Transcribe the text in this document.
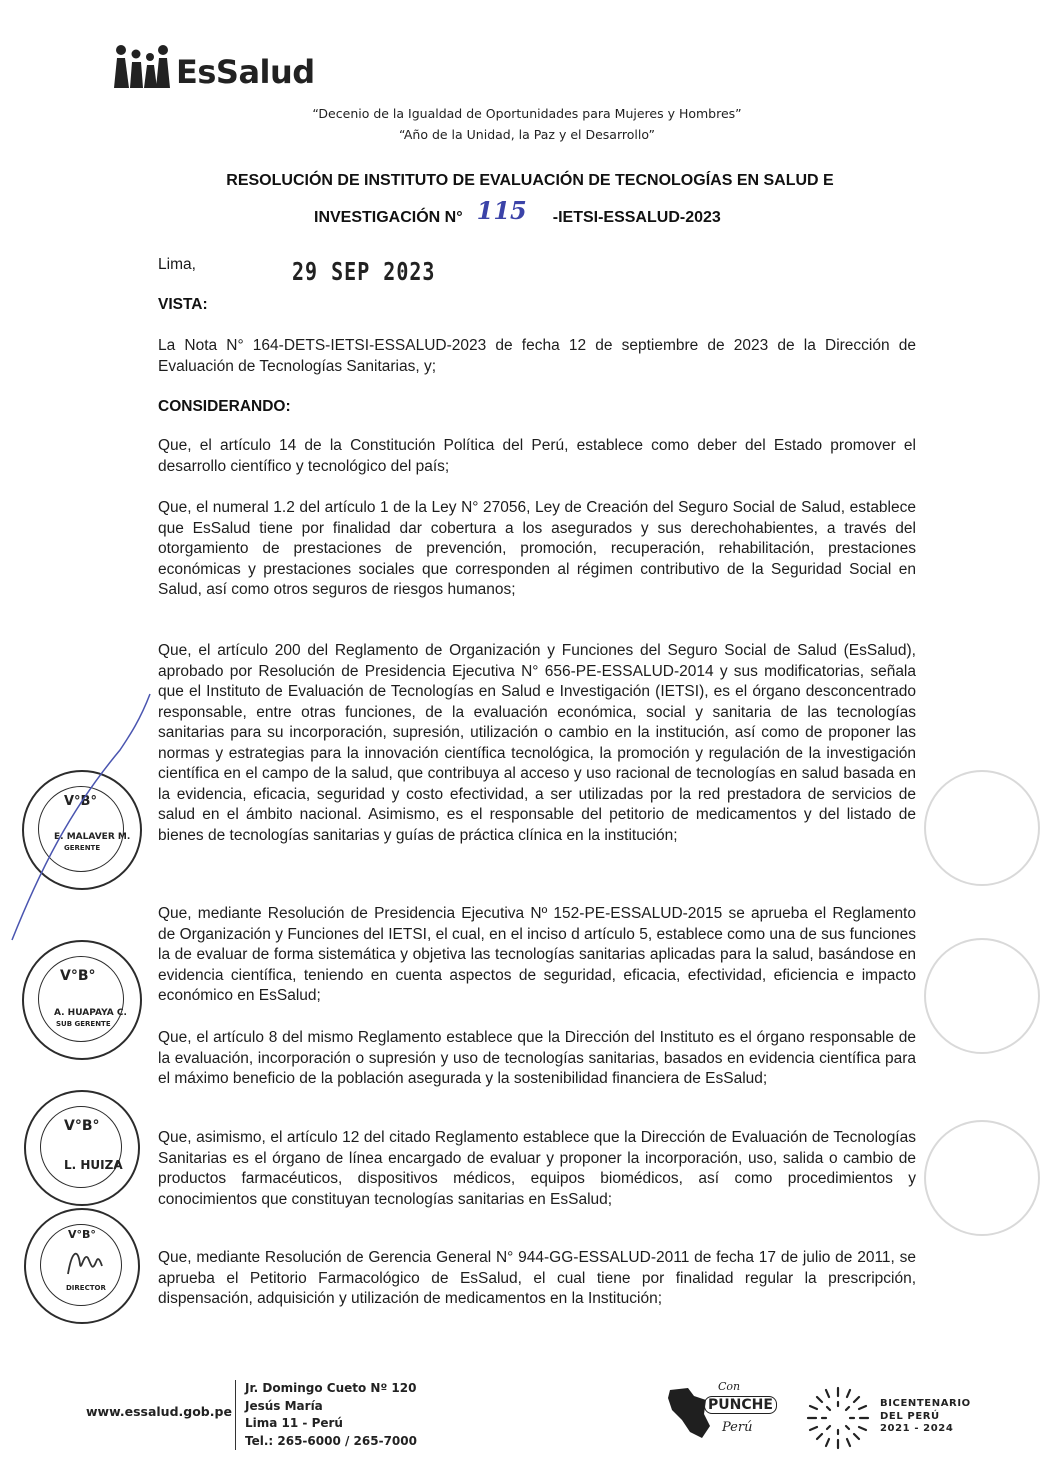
EsSalud
“Decenio de la Igualdad de Oportunidades para Mujeres y Hombres”
“Año de la Unidad, la Paz y el Desarrollo”
RESOLUCIÓN DE INSTITUTO DE EVALUACIÓN DE TECNOLOGÍAS EN SALUD E
INVESTIGACIÓN N° 115 -IETSI-ESSALUD-2023
Lima,	29 SEP 2023
VISTA:
La Nota N° 164-DETS-IETSI-ESSALUD-2023 de fecha 12 de septiembre de 2023 de la Dirección de Evaluación de Tecnologías Sanitarias, y;
CONSIDERANDO:
Que, el artículo 14 de la Constitución Política del Perú, establece como deber del Estado promover el desarrollo científico y tecnológico del país;
Que, el numeral 1.2 del artículo 1 de la Ley N° 27056, Ley de Creación del Seguro Social de Salud, establece que EsSalud tiene por finalidad dar cobertura a los asegurados y sus derechohabientes, a través del otorgamiento de prestaciones de prevención, promoción, recuperación, rehabilitación, prestaciones económicas y prestaciones sociales que corresponden al régimen contributivo de la Seguridad Social en Salud, así como otros seguros de riesgos humanos;
Que, el artículo 200 del Reglamento de Organización y Funciones del Seguro Social de Salud (EsSalud), aprobado por Resolución de Presidencia Ejecutiva N° 656-PE-ESSALUD-2014 y sus modificatorias, señala que el Instituto de Evaluación de Tecnologías en Salud e Investigación (IETSI), es el órgano desconcentrado responsable, entre otras funciones, de la evaluación económica, social y sanitaria de las tecnologías sanitarias para su incorporación, supresión, utilización o cambio en la institución, así como de proponer las normas y estrategias para la innovación científica tecnológica, la promoción y regulación de la investigación científica en el campo de la salud, que contribuya al acceso y uso racional de tecnologías en salud basada en la evidencia, eficacia, seguridad y costo efectividad, a ser utilizadas por la red prestadora de servicios de salud en el ámbito nacional. Asimismo, es el responsable del petitorio de medicamentos y del listado de bienes de tecnologías sanitarias y guías de práctica clínica en la institución;
Que, mediante Resolución de Presidencia Ejecutiva Nº 152-PE-ESSALUD-2015 se aprueba el Reglamento de Organización y Funciones del IETSI, el cual, en el inciso d artículo 5, establece como una de sus funciones la de evaluar de forma sistemática y objetiva las tecnologías sanitarias aplicadas para la salud, basándose en evidencia científica, teniendo en cuenta aspectos de seguridad, eficacia, efectividad, eficiencia e impacto económico en EsSalud;
Que, el artículo 8 del mismo Reglamento establece que la Dirección del Instituto es el órgano responsable de la evaluación, incorporación o supresión y uso de tecnologías sanitarias, basados en evidencia científica para el máximo beneficio de la población asegurada y la sostenibilidad financiera de EsSalud;
Que, asimismo, el artículo 12 del citado Reglamento establece que la Dirección de Evaluación de Tecnologías Sanitarias es el órgano de línea encargado de evaluar y proponer la incorporación, uso, salida o cambio de productos farmacéuticos, dispositivos médicos, equipos biomédicos, así como procedimientos y conocimientos que constituyan tecnologías sanitarias en EsSalud;
Que, mediante Resolución de Gerencia General N° 944-GG-ESSALUD-2011 de fecha 17 de julio de 2011, se aprueba el Petitorio Farmacológico de EsSalud, el cual tiene por finalidad regular la prescripción, dispensación, adquisición y utilización de medicamentos en la Institución;
V°B°
E. MALAVER M.
GERENTE
V°B°
A. HUAPAYA C.
SUB GERENTE
V°B°
L. HUIZA
V°B°
DIRECTOR
www.essalud.gob.pe
Jr. Domingo Cueto Nº 120
Jesús María
Lima 11 - Perú
Tel.: 265-6000 / 265-7000
Con
PUNCHE
Perú
BICENTENARIO
DEL PERÚ
2021 - 2024
